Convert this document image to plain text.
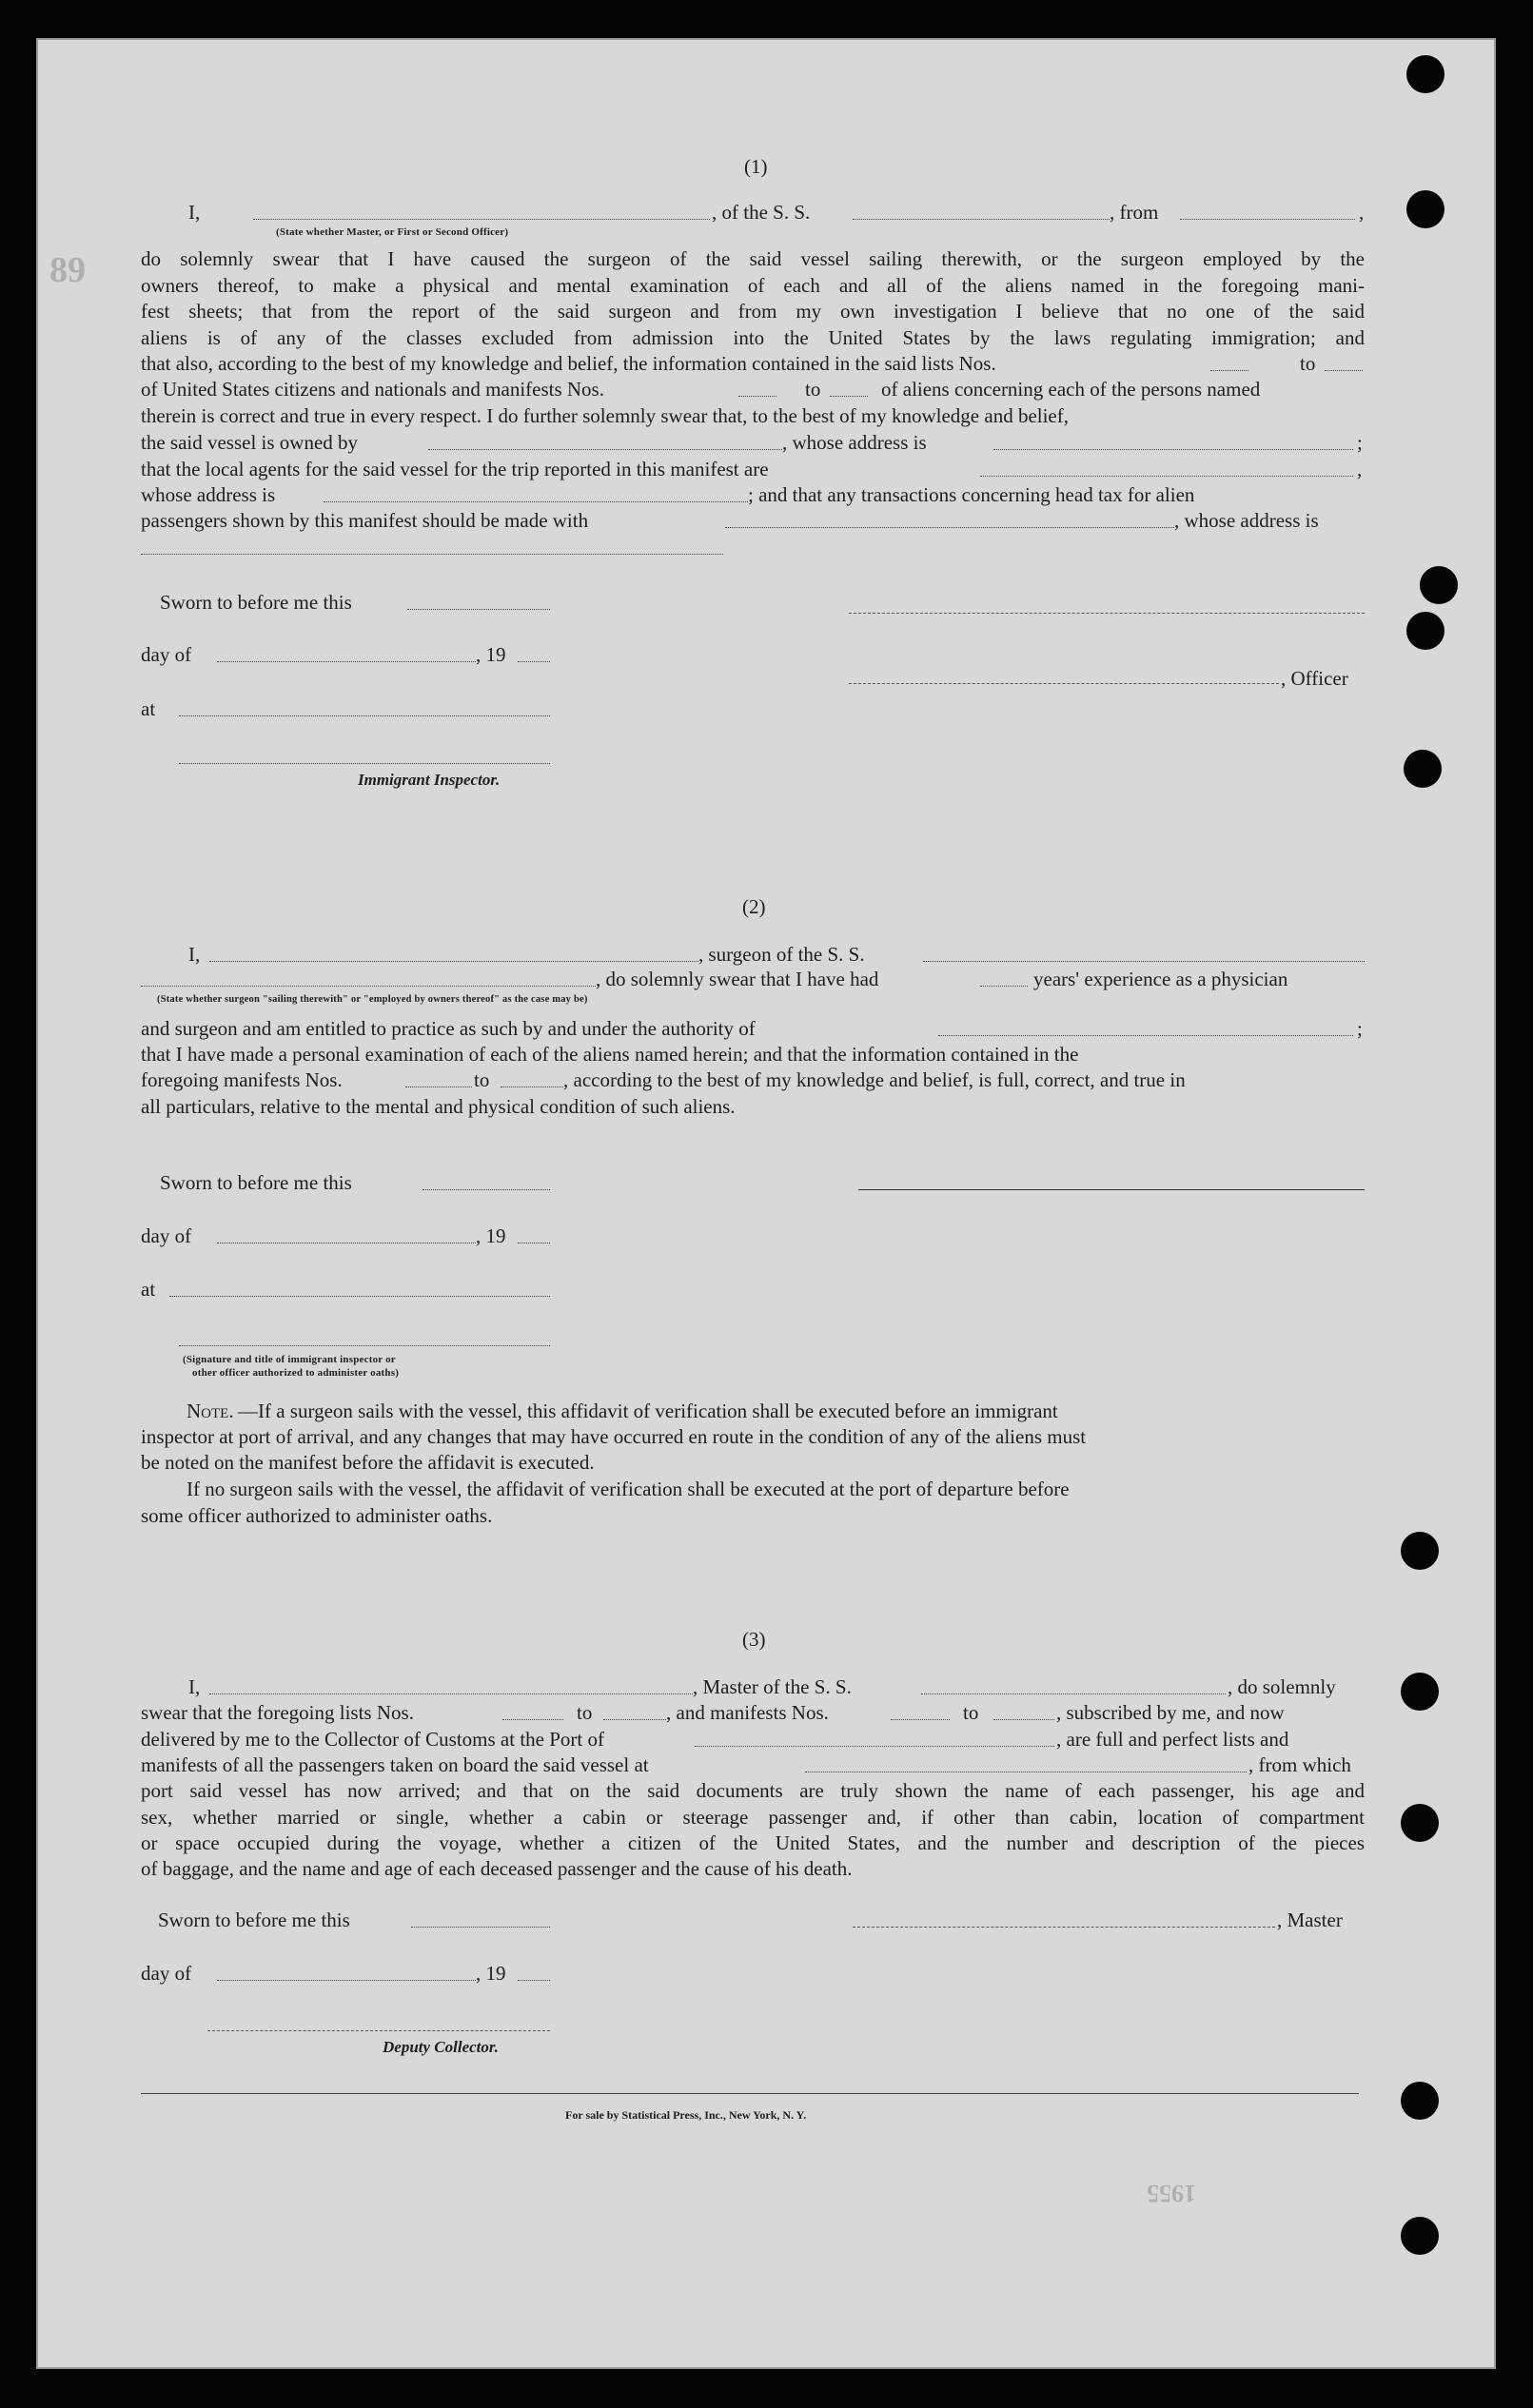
89
1955
(1)
I,	, of the S. S.	, from	,
(State whether Master, or First or Second Officer)
do solemnly swear that I have caused the surgeon of the said vessel sailing therewith, or the surgeon employed by the
owners thereof, to make a physical and mental examination of each and all of the aliens named in the foregoing mani-
fest sheets; that from the report of the said surgeon and from my own investigation I believe that no one of the said
aliens is of any of the classes excluded from admission into the United States by the laws regulating immigration; and
that also, according to the best of my knowledge and belief, the information contained in the said lists Nos.	to
of United States citizens and nationals and manifests Nos.	to	of aliens concerning each of the persons named
therein is correct and true in every respect. I do further solemnly swear that, to the best of my knowledge and belief,
the said vessel is owned by	, whose address is	;
that the local agents for the said vessel for the trip reported in this manifest are	,
whose address is	; and that any transactions concerning head tax for alien
passengers shown by this manifest should be made with	, whose address is
Sworn to before me this
day of	, 19
at
Immigrant Inspector.
, Officer
(2)
I,	, surgeon of the S. S.
, do solemnly swear that I have had	years' experience as a physician
(State whether surgeon "sailing therewith" or "employed by owners thereof" as the case may be)
and surgeon and am entitled to practice as such by and under the authority of	;
that I have made a personal examination of each of the aliens named herein; and that the information contained in the
foregoing manifests Nos.	to	, according to the best of my knowledge and belief, is full, correct, and true in
all particulars, relative to the mental and physical condition of such aliens.
Sworn to before me this
day of	, 19
at
(Signature and title of immigrant inspector or
other officer authorized to administer oaths)
Note. —If a surgeon sails with the vessel, this affidavit of verification shall be executed before an immigrant
inspector at port of arrival, and any changes that may have occurred en route in the condition of any of the aliens must
be noted on the manifest before the affidavit is executed.
If no surgeon sails with the vessel, the affidavit of verification shall be executed at the port of departure before
some officer authorized to administer oaths.
(3)
I,	, Master of the S. S.	, do solemnly
swear that the foregoing lists Nos.	to	, and manifests Nos.	to	, subscribed by me, and now
delivered by me to the Collector of Customs at the Port of	, are full and perfect lists and
manifests of all the passengers taken on board the said vessel at	, from which
port said vessel has now arrived; and that on the said documents are truly shown the name of each passenger, his age and
sex, whether married or single, whether a cabin or steerage passenger and, if other than cabin, location of compartment
or space occupied during the voyage, whether a citizen of the United States, and the number and description of the pieces
of baggage, and the name and age of each deceased passenger and the cause of his death.
Sworn to before me this	, Master
day of	, 19
Deputy Collector.
For sale by Statistical Press, Inc., New York, N. Y.
